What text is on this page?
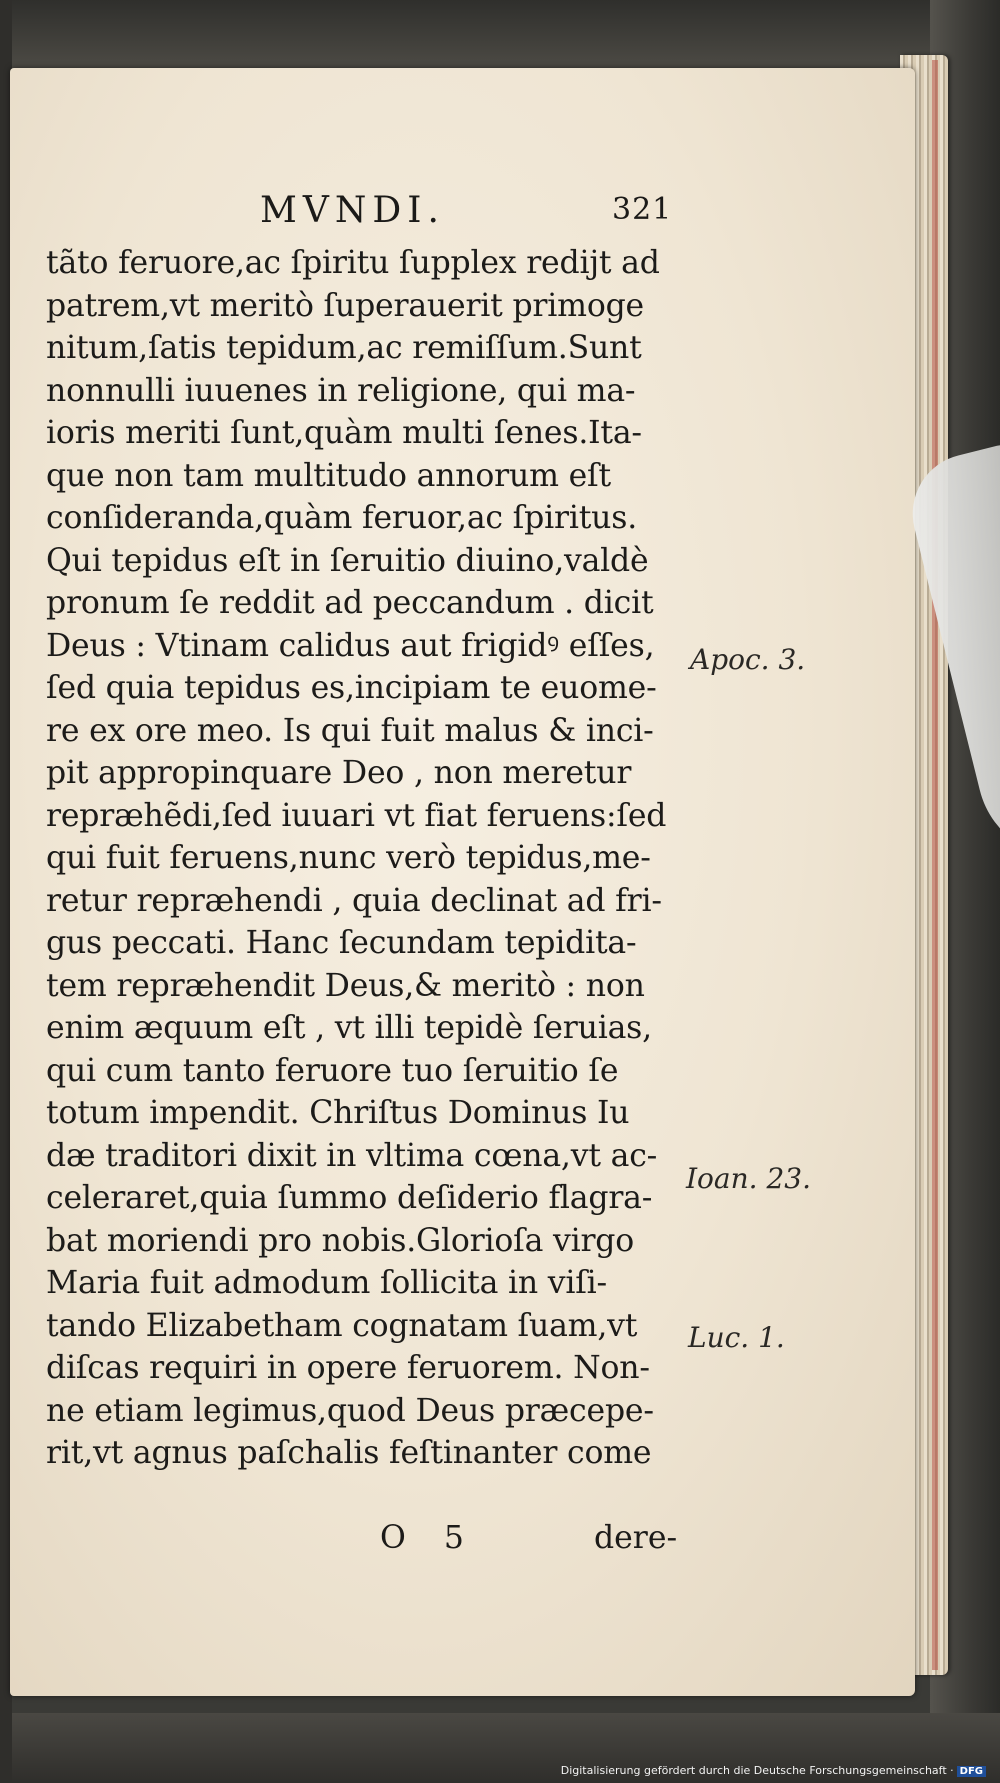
MVNDI.	321
tãto feruore,ac ſpiritu ſupplex redijt ad
patrem,vt meritò ſuperauerit primoge
nitum,ſatis tepidum,ac remiſſum.Sunt
nonnulli iuuenes in religione, qui ma-
ioris meriti ſunt,quàm multi ſenes.Ita-
que non tam multitudo annorum eſt
conſideranda,quàm feruor,ac ſpiritus.
Qui tepidus eſt in ſeruitio diuino,valdè
pronum ſe reddit ad peccandum . dicit
Deus : Vtinam calidus aut frigidꝰ eſſes,
ſed quia tepidus es,incipiam te euome-
re ex ore meo. Is qui fuit malus & inci-
pit appropinquare Deo , non meretur
repræhẽdi,ſed iuuari vt fiat feruens:ſed
qui fuit feruens,nunc verò tepidus,me-
retur repræhendi , quia declinat ad fri-
gus peccati. Hanc ſecundam tepidita-
tem repræhendit Deus,& meritò : non
enim æquum eſt , vt illi tepidè ſeruias,
qui cum tanto feruore tuo ſeruitio ſe
totum impendit. Chriſtus Dominus Iu
dæ traditori dixit in vltima cœna,vt ac-
celeraret,quia ſummo deſiderio flagra-
bat moriendi pro nobis.Glorioſa virgo
Maria fuit admodum ſollicita in viſi-
tando Elizabetham cognatam ſuam,vt
diſcas requiri in opere feruorem. Non-
ne etiam legimus,quod Deus præcepe-
rit,vt agnus paſchalis feſtinanter come
Apoc. 3.
Ioan. 23.
Luc. 1.
O 5	dere-
Digitalisierung gefördert durch die Deutsche Forschungsgemeinschaft · DFG
